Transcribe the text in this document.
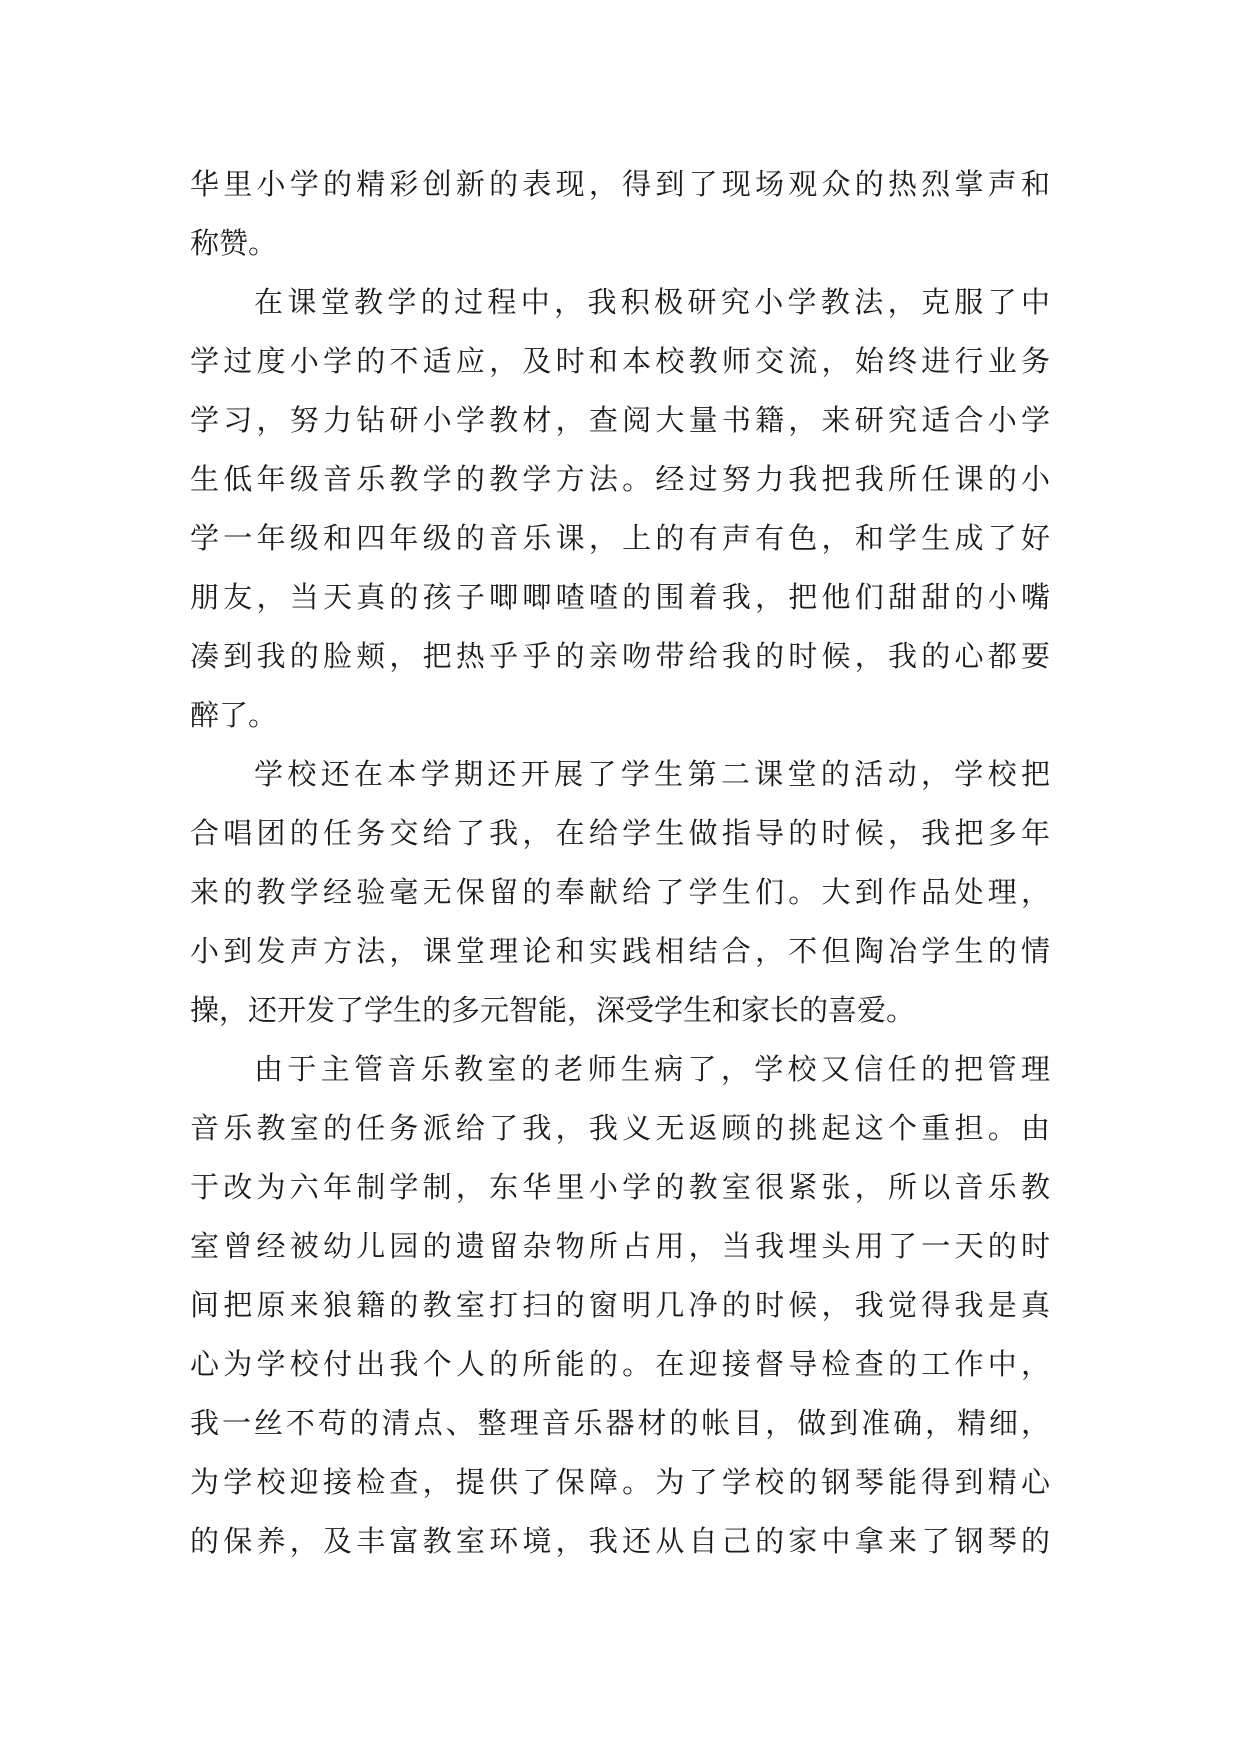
华里小学的精彩创新的表现，得到了现场观众的热烈掌声和
称赞。
在课堂教学的过程中，我积极研究小学教法，克服了中
学过度小学的不适应，及时和本校教师交流，始终进行业务
学习，努力钻研小学教材，查阅大量书籍，来研究适合小学
生低年级音乐教学的教学方法。经过努力我把我所任课的小
学一年级和四年级的音乐课，上的有声有色，和学生成了好
朋友，当天真的孩子唧唧喳喳的围着我，把他们甜甜的小嘴
凑到我的脸颊，把热乎乎的亲吻带给我的时候，我的心都要
醉了。
学校还在本学期还开展了学生第二课堂的活动，学校把
合唱团的任务交给了我，在给学生做指导的时候，我把多年
来的教学经验毫无保留的奉献给了学生们。大到作品处理，
小到发声方法，课堂理论和实践相结合，不但陶冶学生的情
操，还开发了学生的多元智能，深受学生和家长的喜爱。
由于主管音乐教室的老师生病了，学校又信任的把管理
音乐教室的任务派给了我，我义无返顾的挑起这个重担。由
于改为六年制学制，东华里小学的教室很紧张，所以音乐教
室曾经被幼儿园的遗留杂物所占用，当我埋头用了一天的时
间把原来狼籍的教室打扫的窗明几净的时候，我觉得我是真
心为学校付出我个人的所能的。在迎接督导检查的工作中，
我一丝不苟的清点、整理音乐器材的帐目，做到准确，精细，
为学校迎接检查，提供了保障。为了学校的钢琴能得到精心
的保养，及丰富教室环境，我还从自己的家中拿来了钢琴的
